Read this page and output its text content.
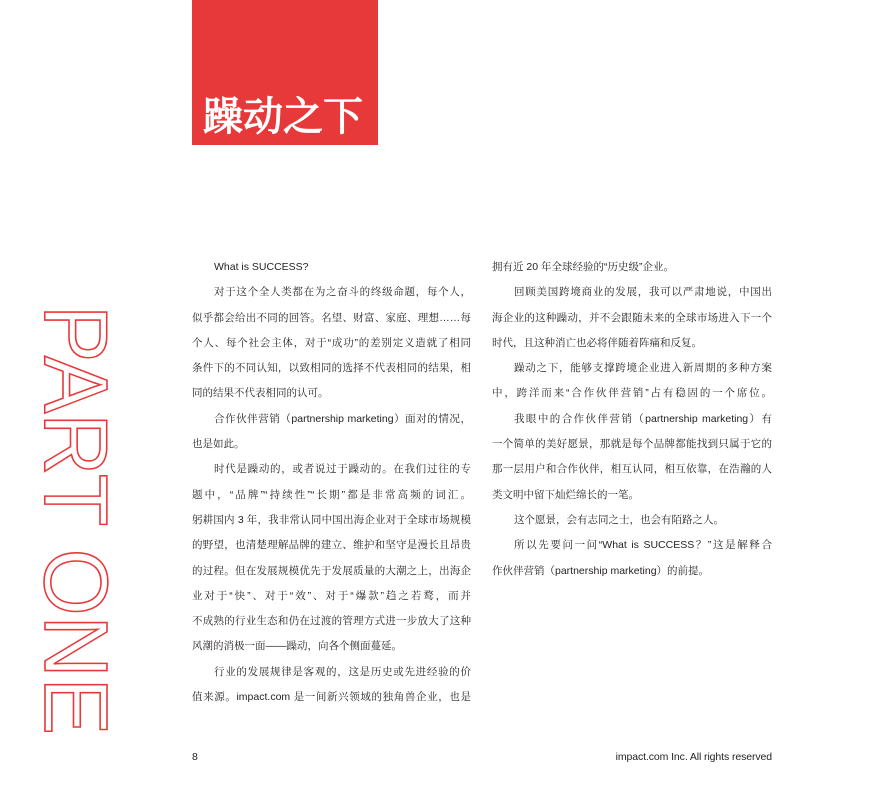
躁动之下
PART ONE
What is SUCCESS?
对于这个全人类都在为之奋斗的终级命题，每个人，
似乎都会给出不同的回答。名望、财富、家庭、理想……每
个人、每个社会主体，对于“成功”的差别定义造就了相同
条件下的不同认知，以致相同的选择不代表相同的结果，相
同的结果不代表相同的认可。
合作伙伴营销（partnership marketing）面对的情况，
也是如此。
时代是躁动的，或者说过于躁动的。在我们过往的专
题中，“品牌”“持续性”“长期”都是非常高频的词汇。
躬耕国内 3 年，我非常认同中国出海企业对于全球市场规模
的野望，也清楚理解品牌的建立、维护和坚守是漫长且昂贵
的过程。但在发展规模优先于发展质量的大潮之上，出海企
业对于“快”、对于“效”、对于“爆款”趋之若鹜，而并
不成熟的行业生态和仍在过渡的管理方式进一步放大了这种
风潮的消极一面——躁动，向各个侧面蔓延。
行业的发展规律是客观的，这是历史或先进经验的价
值来源。impact.com 是一间新兴领域的独角兽企业，也是
拥有近 20 年全球经验的“历史级”企业。
回顾美国跨境商业的发展，我可以严肃地说，中国出
海企业的这种躁动，并不会跟随未来的全球市场进入下一个
时代，且这种消亡也必将伴随着阵痛和反复。
躁动之下，能够支撑跨境企业进入新周期的多种方案
中，跨洋而来“合作伙伴营销”占有稳固的一个席位。
我眼中的合作伙伴营销（partnership marketing）有
一个简单的美好愿景，那就是每个品牌都能找到只属于它的
那一层用户和合作伙伴，相互认同，相互依靠，在浩瀚的人
类文明中留下灿烂绵长的一笔。
这个愿景，会有志同之士，也会有陌路之人。
所以先要问一问“What is SUCCESS？”这是解释合
作伙伴营销（partnership marketing）的前提。
8	impact.com Inc. All rights reserved
